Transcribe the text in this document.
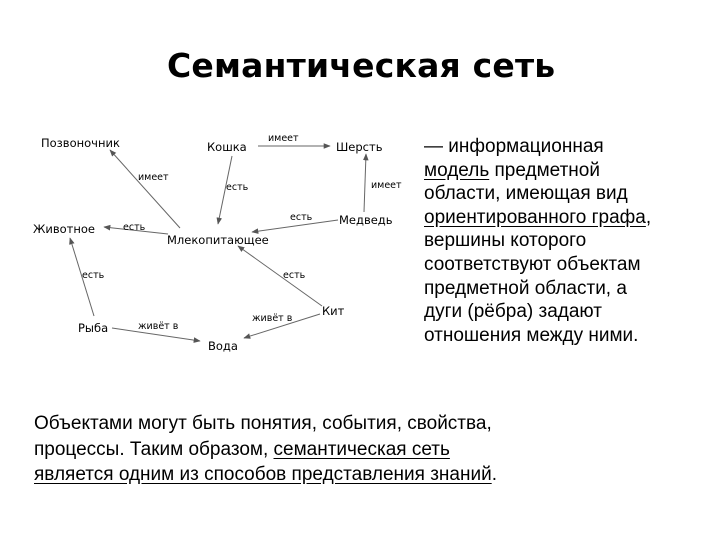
Семантическая сеть
имеет
имеет
есть	имеет
есть
есть
есть
есть
живёт в
живёт в
Позвоночник	Кошка	Шерсть
Животное
Млекопитающее
Медведь
Кит
Рыба
Вода
— информационная
модель предметной
области, имеющая вид
ориентированного графа,
вершины которого
соответствуют объектам
предметной области, а
дуги (рёбра) задают
отношения между ними.
Объектами могут быть понятия, события, свойства,
процессы. Таким образом, семантическая сеть
является одним из способов представления знаний.
